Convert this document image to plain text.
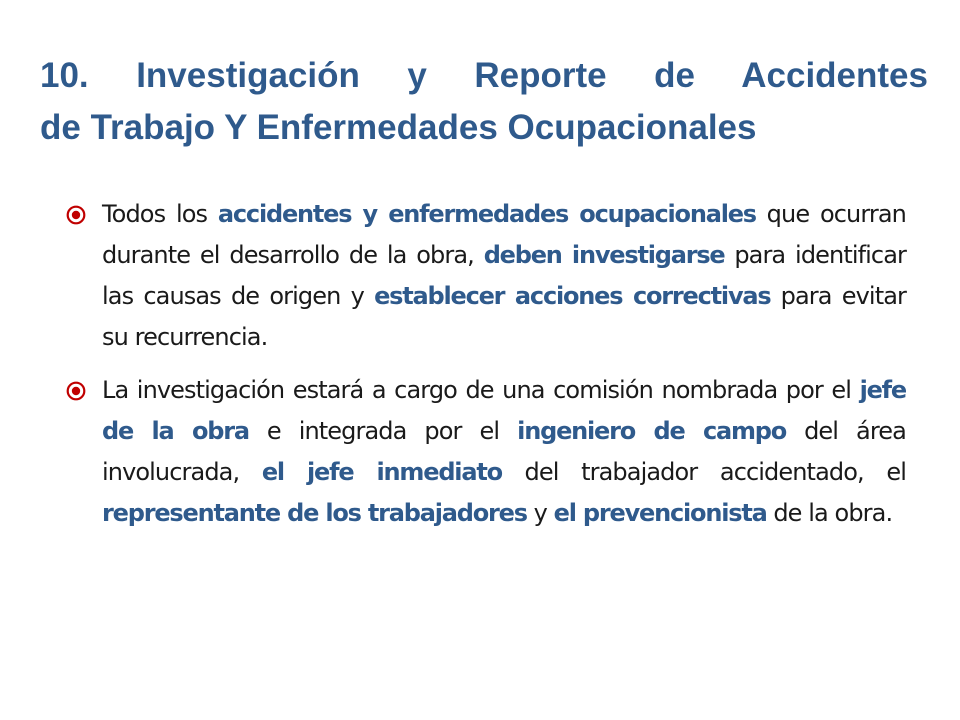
10. Investigación y Reporte de Accidentes
de Trabajo Y Enfermedades Ocupacionales
Todos los accidentes y enfermedades ocupacionales que ocurran durante el desarrollo de la obra, deben investigarse para identificar las causas de origen y establecer acciones correctivas para evitar su recurrencia.
La investigación estará a cargo de una comisión nombrada por el jefe de la obra e integrada por el ingeniero de campo del área involucrada, el jefe inmediato del trabajador accidentado, el representante de los trabajadores y el prevencionista de la obra.
